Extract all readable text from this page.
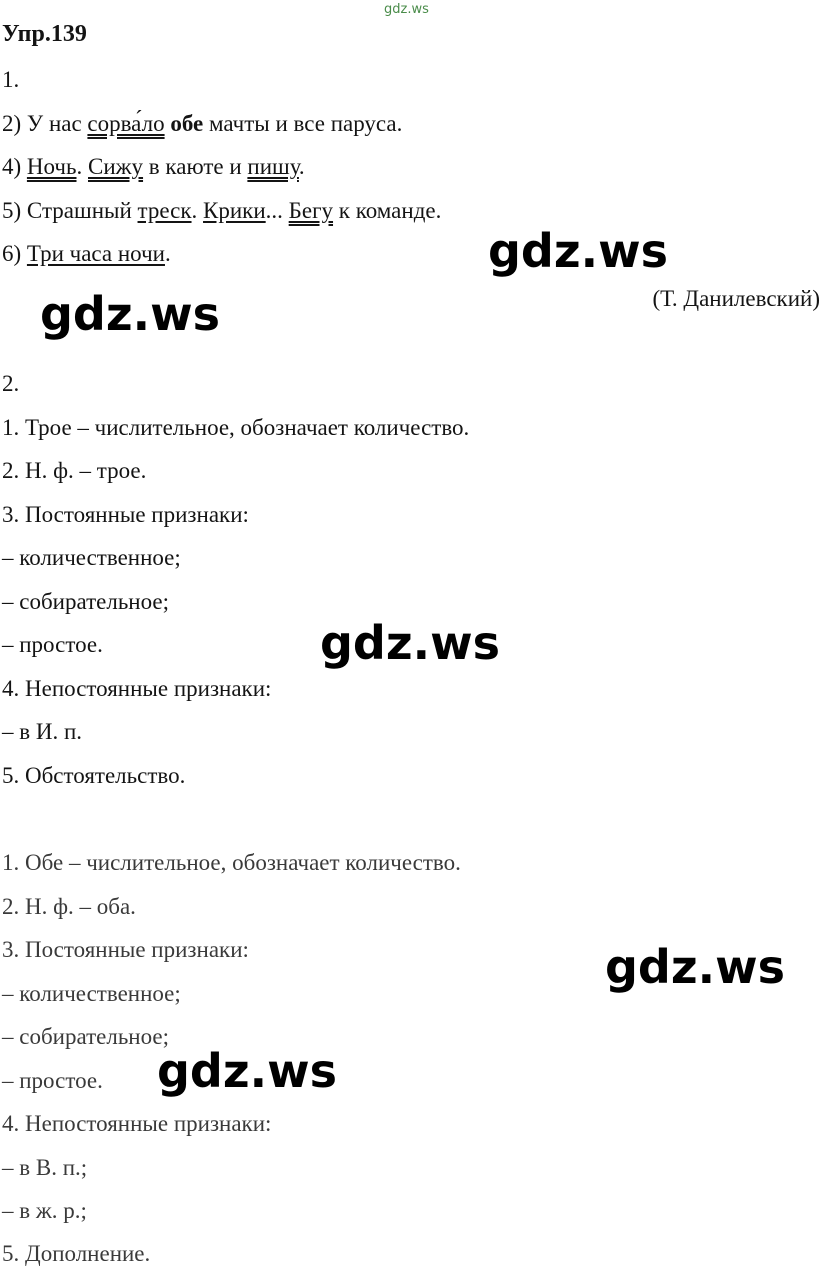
gdz.ws
Упр.139
1.
2) У нас сорва́ло обе мачты и все паруса.
4) Ночь. Сижу в каюте и пишу.
5) Страшный треск. Крики... Бегу к команде.
6) Три часа ночи.
(Т. Данилевский)
2.
1. Трое – числительное, обозначает количество.
2. Н. ф. – трое.
3. Постоянные признаки:
– количественное;
– собирательное;
– простое.
4. Непостоянные признаки:
– в И. п.
5. Обстоятельство.
1. Обе – числительное, обозначает количество.
2. Н. ф. – оба.
3. Постоянные признаки:
– количественное;
– собирательное;
– простое.
4. Непостоянные признаки:
– в В. п.;
– в ж. р.;
5. Дополнение.
gdz.ws
gdz.ws
gdz.ws
gdz.ws
gdz.ws
